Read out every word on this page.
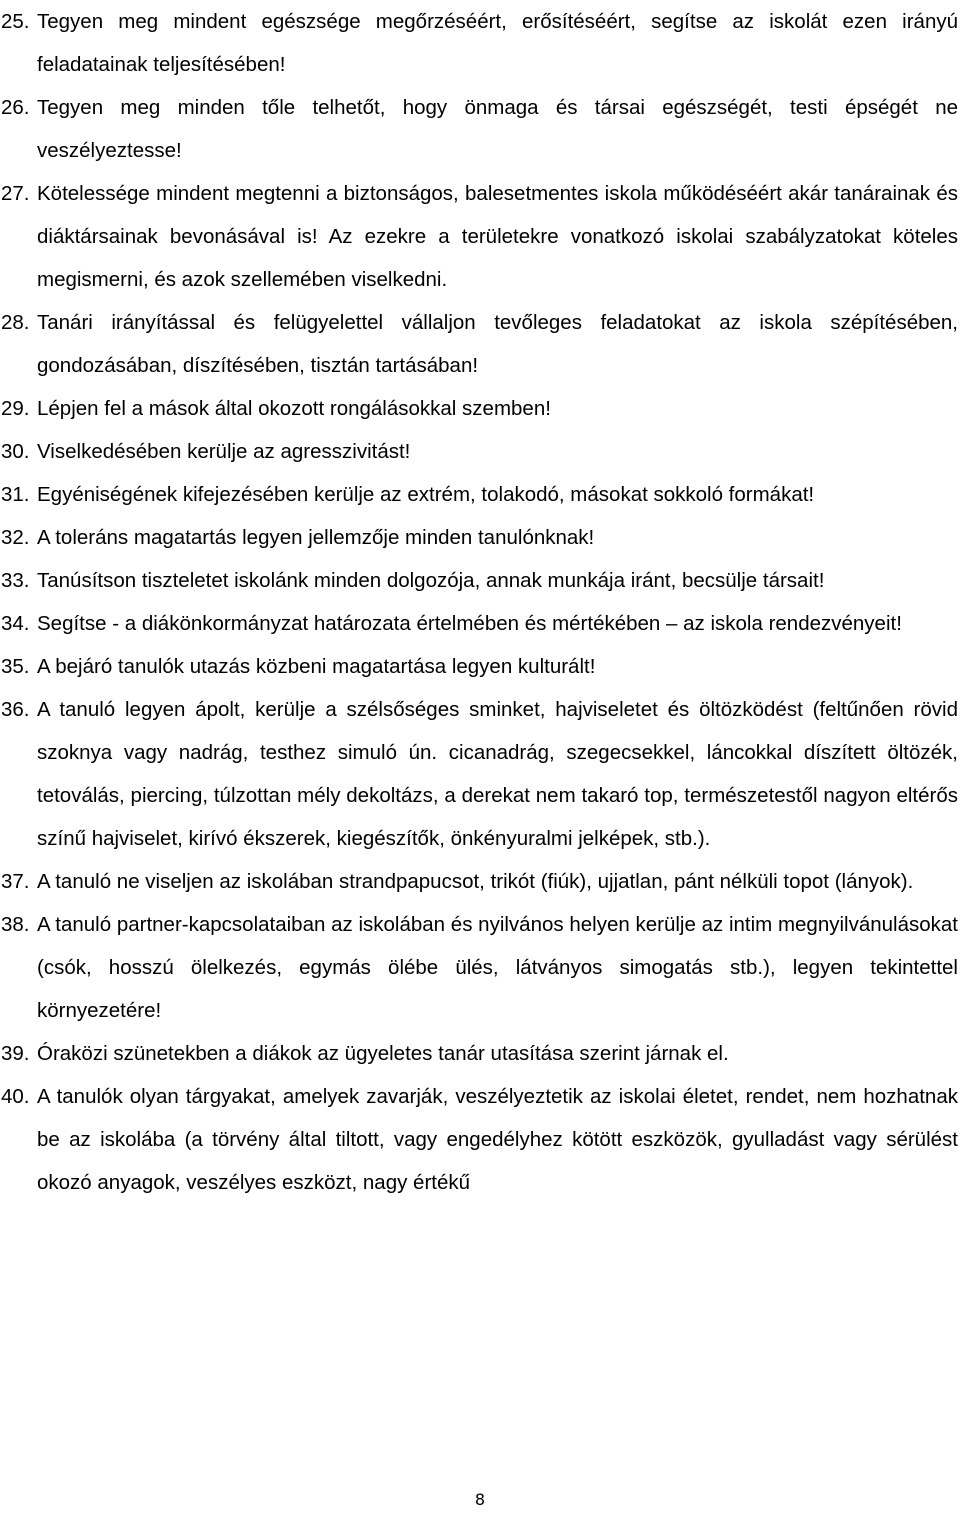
25. Tegyen meg mindent egészsége megőrzéséért, erősítéséért, segítse az iskolát ezen irányú feladatainak teljesítésében!
26. Tegyen meg minden tőle telhetőt, hogy önmaga és társai egészségét, testi épségét ne veszélyeztesse!
27. Kötelessége mindent megtenni a biztonságos, balesetmentes iskola működéséért akár tanárainak és diáktársainak bevonásával is! Az ezekre a területekre vonatkozó iskolai szabályzatokat köteles megismerni, és azok szellemében viselkedni.
28. Tanári irányítással és felügyelettel vállaljon tevőleges feladatokat az iskola szépítésében, gondozásában, díszítésében, tisztán tartásában!
29. Lépjen fel a mások által okozott rongálásokkal szemben!
30. Viselkedésében kerülje az agresszivitást!
31. Egyéniségének kifejezésében kerülje az extrém, tolakodó, másokat sokkoló formákat!
32. A toleráns magatartás legyen jellemzője minden tanulónknak!
33. Tanúsítson tiszteletet iskolánk minden dolgozója, annak munkája iránt, becsülje társait!
34. Segítse - a diákönkormányzat határozata értelmében és mértékében – az iskola rendezvényeit!
35. A bejáró tanulók utazás közbeni magatartása legyen kulturált!
36. A tanuló legyen ápolt, kerülje a szélsőséges sminket, hajviseletet és öltözködést (feltűnően rövid szoknya vagy nadrág, testhez simuló ún. cicanadrág, szegecsekkel, láncokkal díszített öltözék, tetoválás, piercing, túlzottan mély dekoltázs, a derekat nem takaró top, természetestől nagyon eltérős színű hajviselet, kirívó ékszerek, kiegészítők, önkényuralmi jelképek, stb.).
37. A tanuló ne viseljen az iskolában strandpapucsot, trikót (fiúk), ujjatlan, pánt nélküli topot (lányok).
38. A tanuló partner-kapcsolataiban az iskolában és nyilvános helyen kerülje az intim megnyilvánulásokat (csók, hosszú ölelkezés, egymás ölébe ülés, látványos simogatás stb.), legyen tekintettel környezetére!
39. Óraközi szünetekben a diákok az ügyeletes tanár utasítása szerint járnak el.
40. A tanulók olyan tárgyakat, amelyek zavarják, veszélyeztetik az iskolai életet, rendet, nem hozhatnak be az iskolába (a törvény által tiltott, vagy engedélyhez kötött eszközök, gyulladást vagy sérülést okozó anyagok, veszélyes eszközt, nagy értékű
8
